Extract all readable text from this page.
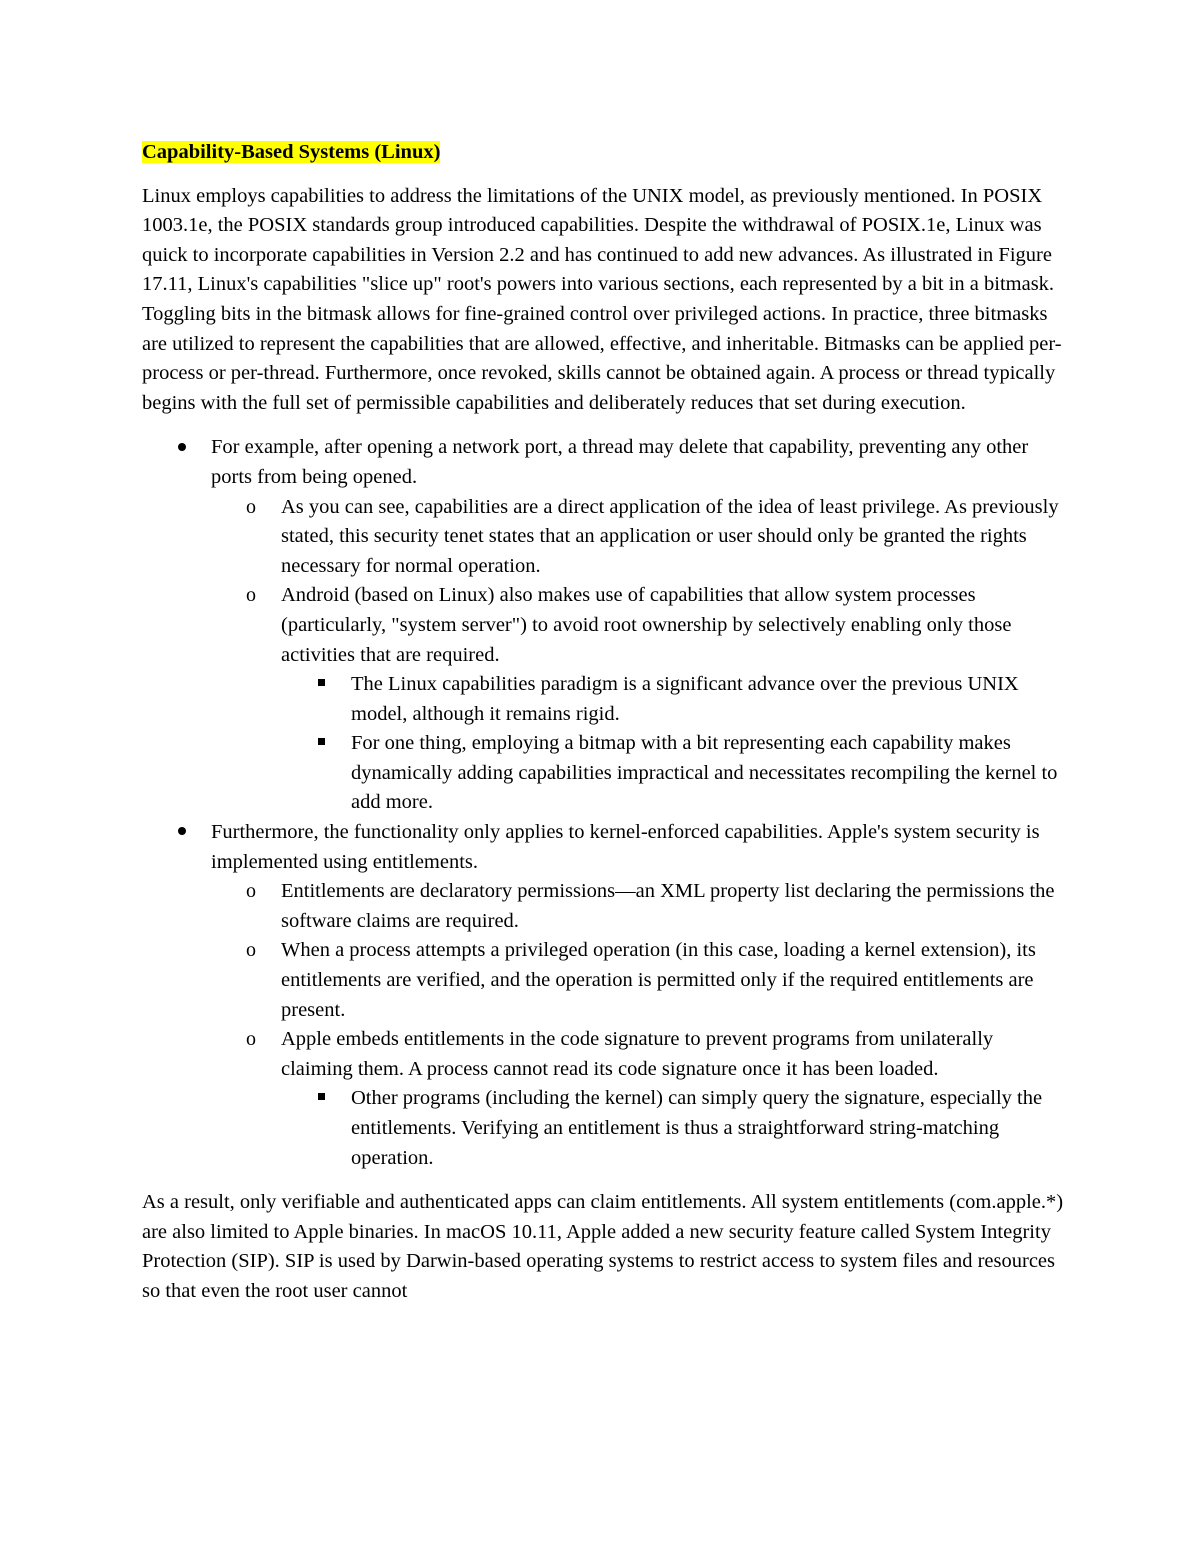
Capability-Based Systems (Linux)

Linux employs capabilities to address the limitations of the UNIX model, as previously mentioned. In POSIX 1003.1e, the POSIX standards group introduced capabilities. Despite the withdrawal of POSIX.1e, Linux was quick to incorporate capabilities in Version 2.2 and has continued to add new advances. As illustrated in Figure 17.11, Linux's capabilities "slice up" root's powers into various sections, each represented by a bit in a bitmask. Toggling bits in the bitmask allows for fine-grained control over privileged actions. In practice, three bitmasks are utilized to represent the capabilities that are allowed, effective, and inheritable. Bitmasks can be applied per-process or per-thread. Furthermore, once revoked, skills cannot be obtained again. A process or thread typically begins with the full set of permissible capabilities and deliberately reduces that set during execution.

For example, after opening a network port, a thread may delete that capability, preventing any other ports from being opened.
o	As you can see, capabilities are a direct application of the idea of least privilege. As previously stated, this security tenet states that an application or user should only be granted the rights necessary for normal operation.
o	Android (based on Linux) also makes use of capabilities that allow system processes (particularly, "system server") to avoid root ownership by selectively enabling only those activities that are required.
The Linux capabilities paradigm is a significant advance over the previous UNIX model, although it remains rigid.
For one thing, employing a bitmap with a bit representing each capability makes dynamically adding capabilities impractical and necessitates recompiling the kernel to add more.
Furthermore, the functionality only applies to kernel-enforced capabilities. Apple's system security is implemented using entitlements.
o	Entitlements are declaratory permissions—an XML property list declaring the permissions the software claims are required.
o	When a process attempts a privileged operation (in this case, loading a kernel extension), its entitlements are verified, and the operation is permitted only if the required entitlements are present.
o	Apple embeds entitlements in the code signature to prevent programs from unilaterally claiming them. A process cannot read its code signature once it has been loaded.
Other programs (including the kernel) can simply query the signature, especially the entitlements. Verifying an entitlement is thus a straightforward string-matching operation.

As a result, only verifiable and authenticated apps can claim entitlements. All system entitlements (com.apple.*) are also limited to Apple binaries. In macOS 10.11, Apple added a new security feature called System Integrity Protection (SIP). SIP is used by Darwin-based operating systems to restrict access to system files and resources so that even the root user cannot
